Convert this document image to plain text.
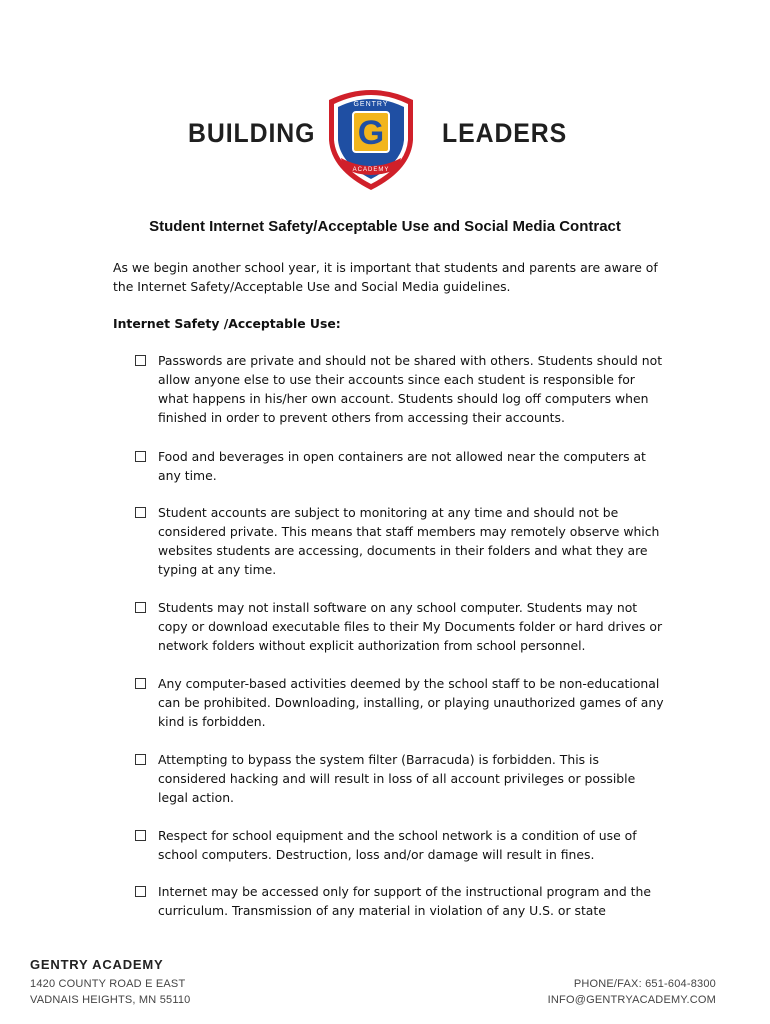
BUILDING G
GENTRY
ACADEMY
LEADERS
Student Internet Safety/Acceptable Use and Social Media Contract
As we begin another school year, it is important that students and parents are aware of the Internet Safety/Acceptable Use and Social Media guidelines.
Internet Safety /Acceptable Use:
Passwords are private and should not be shared with others. Students should not allow anyone else to use their accounts since each student is responsible for what happens in his/her own account. Students should log off computers when finished in order to prevent others from accessing their accounts.
Food and beverages in open containers are not allowed near the computers at any time.
Student accounts are subject to monitoring at any time and should not be considered private. This means that staff members may remotely observe which websites students are accessing, documents in their folders and what they are typing at any time.
Students may not install software on any school computer. Students may not copy or download executable files to their My Documents folder or hard drives or network folders without explicit authorization from school personnel.
Any computer-based activities deemed by the school staff to be non-educational can be prohibited. Downloading, installing, or playing unauthorized games of any kind is forbidden.
Attempting to bypass the system filter (Barracuda) is forbidden. This is considered hacking and will result in loss of all account privileges or possible legal action.
Respect for school equipment and the school network is a condition of use of school computers. Destruction, loss and/or damage will result in fines.
Internet may be accessed only for support of the instructional program and the curriculum. Transmission of any material in violation of any U.S. or state
GENTRY ACADEMY
1420 COUNTY ROAD E EAST
VADNAIS HEIGHTS, MN 55110
PHONE/FAX: 651-604-8300
INFO@GENTRYACADEMY.COM
